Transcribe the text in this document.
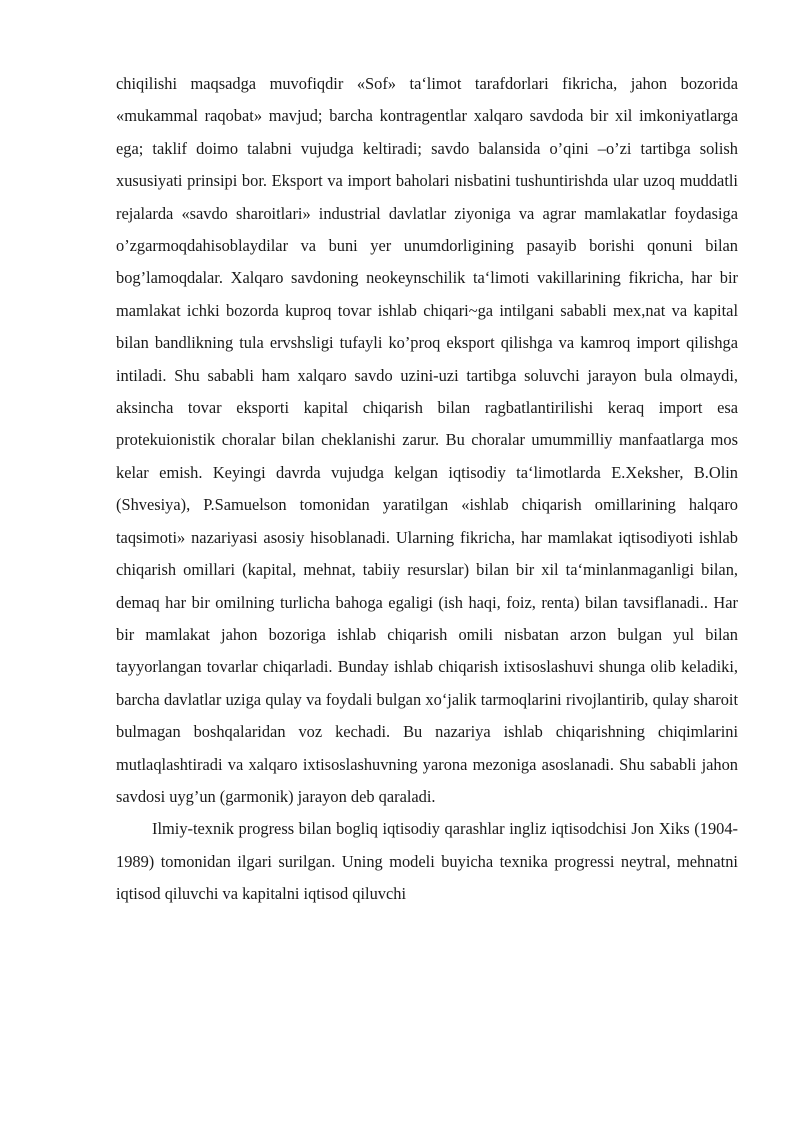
chiqilishi maqsadga muvofiqdir «Sof» ta‘limot tarafdorlari fikricha, jahon bozorida «mukammal raqobat» mavjud; barcha kontragentlar xalqaro savdoda bir xil imkoniyatlarga ega; taklif doimo talabni vujudga keltiradi; savdo balansida o’qini –o’zi tartibga solish xususiyati prinsipi bor. Eksport va import baholari nisbatini tushuntirishda ular uzoq muddatli rejalarda «savdo sharoitlari» industrial davlatlar ziyoniga va agrar mamlakatlar foydasiga o’zgarmoqdahisoblaydilar va buni yer unumdorligining pasayib borishi qonuni bilan bog’lamoqdalar. Xalqaro savdoning neokeynschilik ta‘limoti vakillarining fikricha, har bir mamlakat ichki bozorda kuproq tovar ishlab chiqari~ga intilgani sababli mex,nat va kapital bilan bandlikning tula ervshsligi tufayli ko’proq eksport qilishga va kamroq import qilishga intiladi. Shu sababli ham xalqaro savdo uzini-uzi tartibga soluvchi jarayon bula olmaydi, aksincha tovar eksporti kapital chiqarish bilan ragbatlantirilishi keraq import esa protekuionistik choralar bilan cheklanishi zarur. Bu choralar umummilliy manfaatlarga mos kelar emish. Keyingi davrda vujudga kelgan iqtisodiy ta‘limotlarda E.Xeksher, B.Olin (Shvesiya), P.Samuelson tomonidan yaratilgan «ishlab chiqarish omillarining halqaro taqsimoti» nazariyasi asosiy hisoblanadi. Ularning fikricha, har mamlakat iqtisodiyoti ishlab chiqarish omillari (kapital, mehnat, tabiiy resurslar) bilan bir xil ta‘minlanmaganligi bilan, demaq har bir omilning turlicha bahoga egaligi (ish haqi, foiz, renta) bilan tavsiflanadi.. Har bir mamlakat jahon bozoriga ishlab chiqarish omili nisbatan arzon bulgan yul bilan tayyorlangan tovarlar chiqarladi. Bunday ishlab chiqarish ixtisoslashuvi shunga olib keladiki, barcha davlatlar uziga qulay va foydali bulgan xo‘jalik tarmoqlarini rivojlantirib, qulay sharoit bulmagan boshqalaridan voz kechadi. Bu nazariya ishlab chiqarishning chiqimlarini mutlaqlashtiradi va xalqaro ixtisoslashuvning yarona mezoniga asoslanadi. Shu sababli jahon savdosi uyg’un (garmonik) jarayon deb qaraladi.

Ilmiy-texnik progress bilan bogliq iqtisodiy qarashlar ingliz iqtisodchisi Jon Xiks (1904-1989) tomonidan ilgari surilgan. Uning modeli buyicha texnika progressi neytral, mehnatni iqtisod qiluvchi va kapitalni iqtisod qiluvchi
